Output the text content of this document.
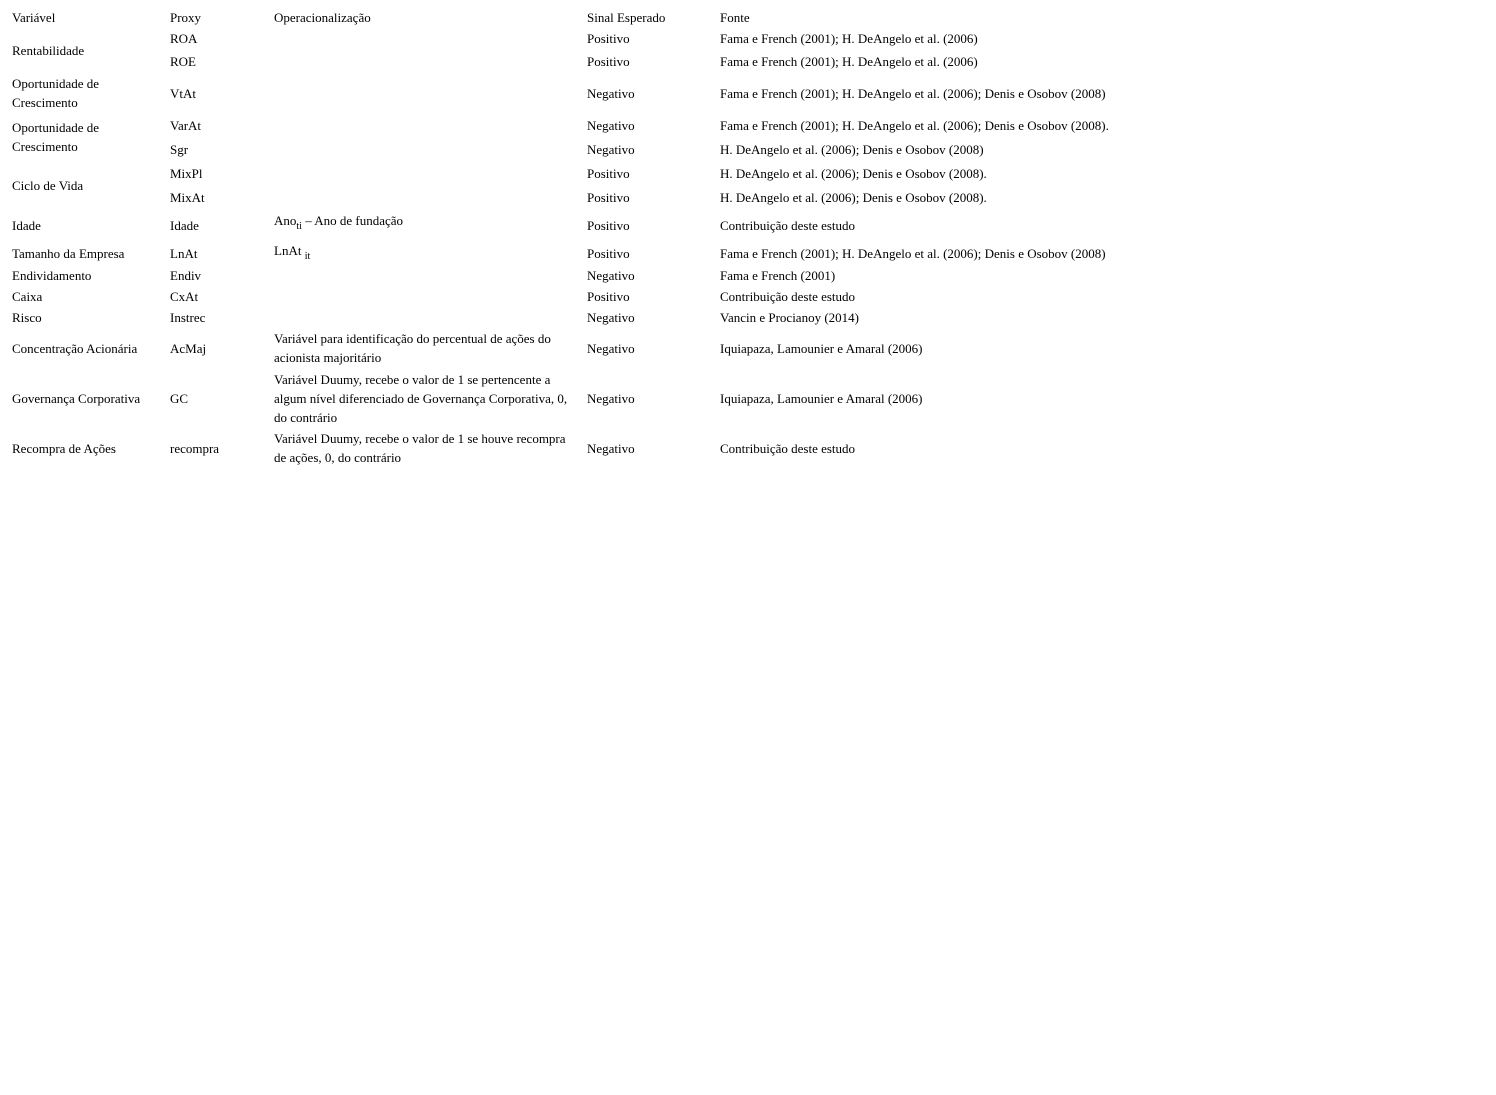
Variável	Proxy	Operacionalização	Sinal Esperado	Fonte
Rentabilidade	ROA		Positivo	Fama e French (2001); H. DeAngelo et al. (2006)
	ROE		Positivo	Fama e French (2001); H. DeAngelo et al. (2006)
Oportunidade de Crescimento	VtAt		Negativo	Fama e French (2001); H. DeAngelo et al. (2006); Denis e Osobov (2008)
Oportunidade de Crescimento	VarAt		Negativo	Fama e French (2001); H. DeAngelo et al. (2006); Denis e Osobov (2008).
	Sgr		Negativo	H. DeAngelo et al. (2006); Denis e Osobov (2008)
Ciclo de Vida	MixPl		Positivo	H. DeAngelo et al. (2006); Denis e Osobov (2008).
	MixAt		Positivo	H. DeAngelo et al. (2006); Denis e Osobov (2008).
Idade	Idade	Ano$_{ti}$ – Ano de fundação	Positivo	Contribuição deste estudo
Tamanho da Empresa	LnAt	LnAt $_{it}$	Positivo	Fama e French (2001); H. DeAngelo et al. (2006); Denis e Osobov (2008)
Endividamento	Endiv		Negativo	Fama e French (2001)
Caixa	CxAt		Positivo	Contribuição deste estudo
Risco	Instrec		Negativo	Vancin e Procianoy (2014)
Concentração Acionária	AcMaj	Variável para identificação do percentual de ações do acionista majoritário	Negativo	Iquiapaza, Lamounier e Amaral (2006)
Governança Corporativa	GC	Variável Duumy, recebe o valor de 1 se pertencente a algum nível diferenciado de Governança Corporativa, 0, do contrário	Negativo	Iquiapaza, Lamounier e Amaral (2006)
Recompra de Ações	recompra	Variável Duumy, recebe o valor de 1 se houve recompra de ações, 0, do contrário	Negativo	Contribuição deste estudo
